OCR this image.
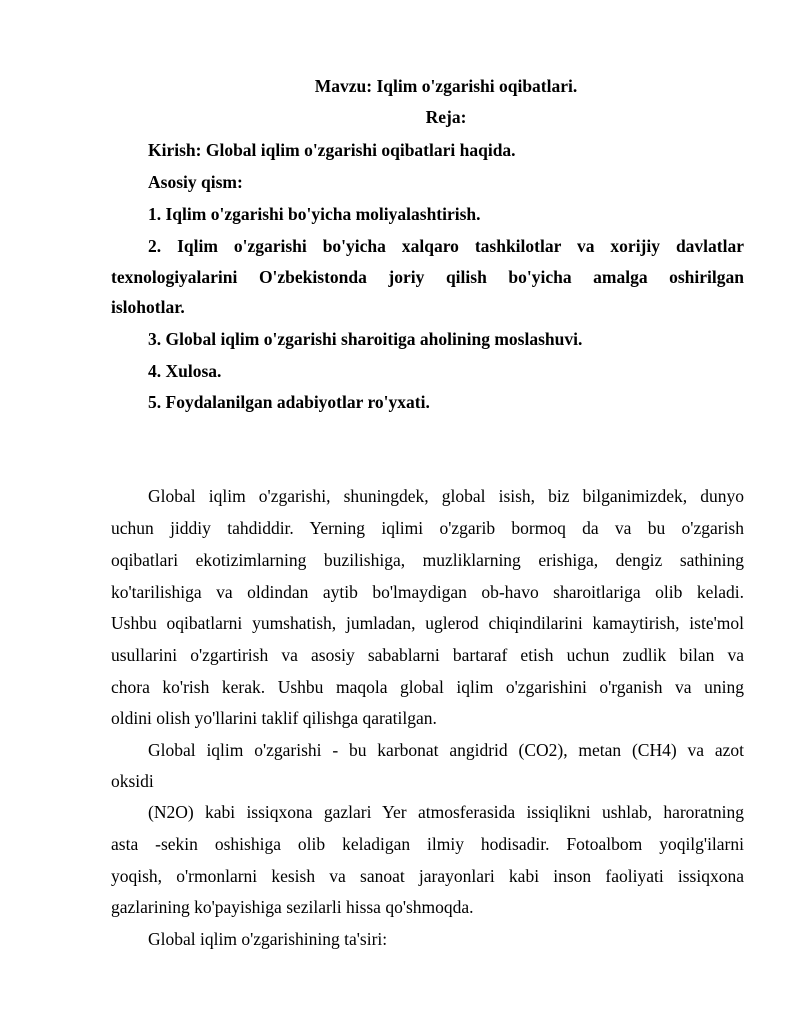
Mavzu: Iqlim o'zgarishi oqibatlari.

Reja:

Kirish: Global iqlim o'zgarishi oqibatlari haqida.

Asosiy qism:

1. Iqlim o'zgarishi bo'yicha moliyalashtirish.

2. Iqlim o'zgarishi bo'yicha xalqaro tashkilotlar va xorijiy davlatlar

texnologiyalarini O'zbekistonda joriy qilish bo'yicha amalga oshirilgan

islohotlar.

3. Global iqlim o'zgarishi sharoitiga aholining moslashuvi.

4. Xulosa.

5. Foydalanilgan adabiyotlar ro'yxati.

Global iqlim o'zgarishi, shuningdek, global isish, biz bilganimizdek, dunyo

uchun jiddiy tahdiddir. Yerning iqlimi o'zgarib bormoq da va bu o'zgarish

oqibatlari ekotizimlarning buzilishiga, muzliklarning erishiga, dengiz sathining

ko'tarilishiga va oldindan aytib bo'lmaydigan ob-havo sharoitlariga olib keladi.

Ushbu oqibatlarni yumshatish, jumladan, uglerod chiqindilarini kamaytirish, iste'mol

usullarini o'zgartirish va asosiy sabablarni bartaraf etish uchun zudlik bilan va

chora ko'rish kerak. Ushbu maqola global iqlim o'zgarishini o'rganish va uning

oldini olish yo'llarini taklif qilishga qaratilgan.

Global iqlim o'zgarishi - bu karbonat angidrid (CO2), metan (CH4) va azot

oksidi

(N2O) kabi issiqxona gazlari Yer atmosferasida issiqlikni ushlab, haroratning

asta -sekin oshishiga olib keladigan ilmiy hodisadir. Fotoalbom yoqilg'ilarni

yoqish, o'rmonlarni kesish va sanoat jarayonlari kabi inson faoliyati issiqxona

gazlarining ko'payishiga sezilarli hissa qo'shmoqda.

Global iqlim o'zgarishining ta'siri:
